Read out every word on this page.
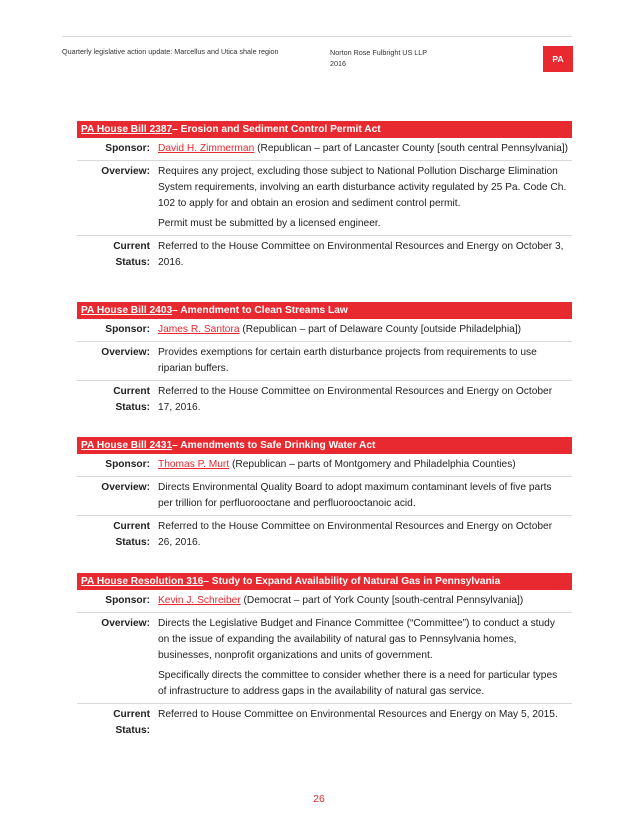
Quarterly legislative action update: Marcellus and Utica shale region	Norton Rose Fulbright US LLP
2016	PA
PA House Bill 2387 – Erosion and Sediment Control Permit Act
Sponsor: David H. Zimmerman (Republican – part of Lancaster County [south central Pennsylvania])
Overview: Requires any project, excluding those subject to National Pollution Discharge Elimination System requirements, involving an earth disturbance activity regulated by 25 Pa. Code Ch. 102 to apply for and obtain an erosion and sediment control permit.

Permit must be submitted by a licensed engineer.

Current
Status:
Referred to the House Committee on Environmental Resources and Energy on October 3, 2016.
PA House Bill 2403 – Amendment to Clean Streams Law
Sponsor: James R. Santora (Republican – part of Delaware County [outside Philadelphia])
Overview: Provides exemptions for certain earth disturbance projects from requirements to use riparian buffers.

Current
Status:
Referred to the House Committee on Environmental Resources and Energy on October 17, 2016.
PA House Bill 2431 – Amendments to Safe Drinking Water Act
Sponsor: Thomas P. Murt (Republican – parts of Montgomery and Philadelphia Counties)
Overview: Directs Environmental Quality Board to adopt maximum contaminant levels of five parts per trillion for perfluorooctane and perfluorooctanoic acid.

Current
Status:
Referred to the House Committee on Environmental Resources and Energy on October 26, 2016.
PA House Resolution 316 – Study to Expand Availability of Natural Gas in Pennsylvania
Sponsor: Kevin J. Schreiber (Democrat – part of York County [south-central Pennsylvania])
Overview: Directs the Legislative Budget and Finance Committee (“Committee”) to conduct a study on the issue of expanding the availability of natural gas to Pennsylvania homes, businesses, nonprofit organizations and units of government.

Specifically directs the committee to consider whether there is a need for particular types of infrastructure to address gaps in the availability of natural gas service.

Current
Status:
Referred to House Committee on Environmental Resources and Energy on May 5, 2015.
26
